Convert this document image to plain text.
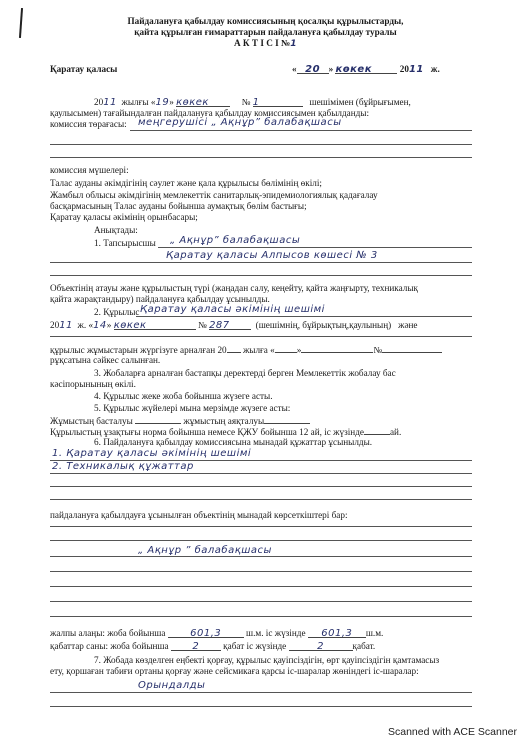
Пайдалануға қабылдау комиссиясының қосалқы құрылыстарды,
қайта құрылған ғимараттарын пайдалануға қабылдау туралы
А К Т І С І №1
Қаратау қаласы	« 20 » көкек	2011 ж.
2011 жылғы «19» көкек	№ 1	шешімімен (бұйрығымен,
қаулысымен) тағайындалған пайдалануға қабылдау комиссиясымен қабылданды:
комиссия төрағасы: меңгерушісі „ Ақнұр” балабақшасы
комиссия мүшелері:
Талас ауданы әкімдігінің сәулет және қала құрылысы бөлімінің өкілі;
Жамбыл облысы әкімдігінің мемлекеттік санитарлық-эпидемиологиялық қадағалау
басқармасының Талас ауданы бойынша аумақтық бөлім бастығы;
Қаратау қаласы әкімінің орынбасары;
Анықтады:
1. Тапсырысшы „ Ақнұр” балабақшасы
Қаратау қаласы Алпысов көшесі № 3
Объектінің атауы және құрылыстың түрі (жаңадан салу, кеңейту, қайта жаңғырту, техникалық
қайта жарақтандыру) пайдалануға қабылдау ұсынылды.
2. Құрылыс Қаратау қаласы әкімінің шешімі
2011 ж. «14» көкек	№ 287	(шешімнің, бұйрықтың,қаулының) және
құрылыс жұмыстарын жүргізуге арналған 20 жылға « »	№
рұқсатына сәйкес салынған.
3. Жобаларға арналған бастапқы деректерді берген Мемлекеттік жобалау бас
кәсіпорынының өкілі.
4. Құрылыс жеке жоба бойынша жүзеге асты.
5. Құрылыс жүйелері мына мерзімде жүзеге асты:
Жұмыстың басталуы	жұмыстың аяқталуы
Құрылыстың ұзақтығы норма бойынша немесе ҚЖУ бойынша 12 ай, іс жүзінде	ай.
6. Пайдалануға қабылдау комиссиясына мынадай құжаттар ұсынылды.
1. Қаратау қаласы әкімінің шешімі
2. Техникалық құжаттар
пайдалануға қабылдауға ұсынылған объектінің мынадай көрсеткіштері бар:
„ Ақнұр ” балабақшасы
жалпы алаңы: жоба бойынша 601,3	ш.м. іс жүзінде 601,3 ш.м.
қабаттар саны: жоба бойынша 2	қабат іс жүзінде	2	қабат.
7. Жобада көзделген еңбекті қорғау, құрылыс қауіпсіздігін, өрт қауіпсіздігін қамтамасыз
ету, қоршаған табиғи ортаны қорғау және сейсмикаға қарсы іс-шаралар жөніндегі іс-шаралар:
Орындалды
Scanned with ACE Scanner
